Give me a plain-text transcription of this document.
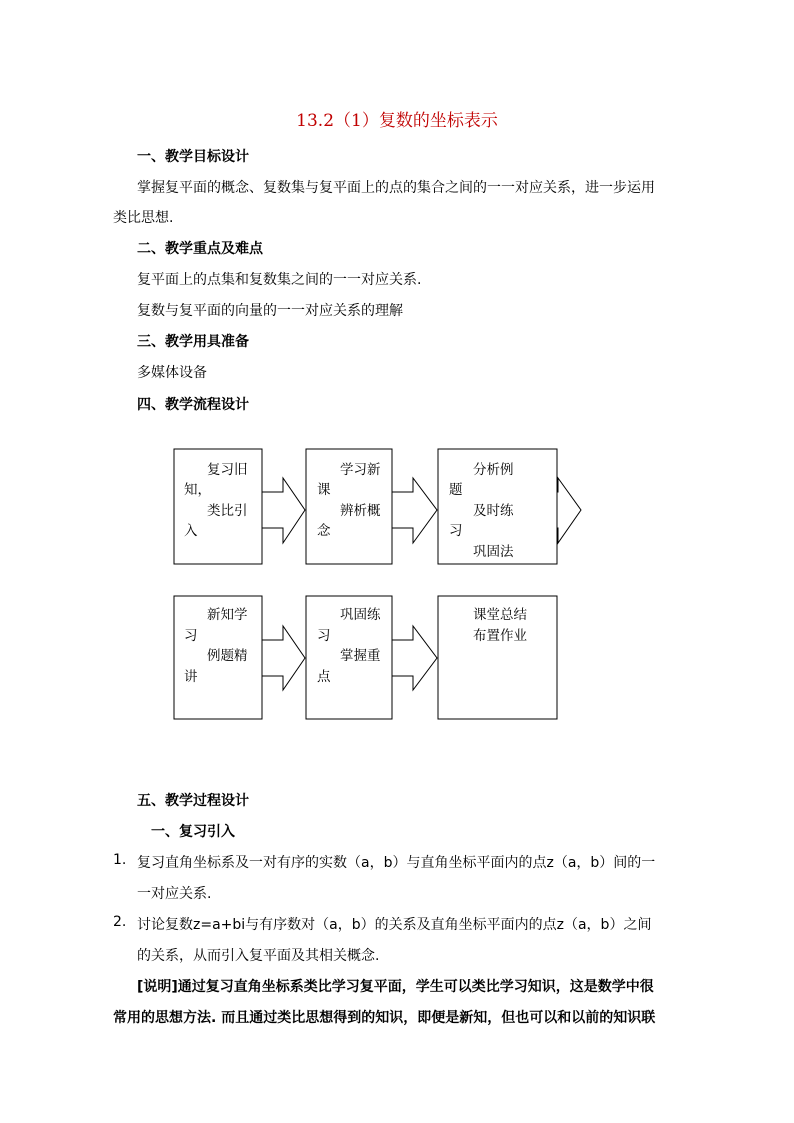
13.2（1）复数的坐标表示
一、教学目标设计
掌握复平面的概念、复数集与复平面上的点的集合之间的一一对应关系，进一步运用
类比思想.
二、教学重点及难点
复平面上的点集和复数集之间的一一对应关系.
复数与复平面的向量的一一对应关系的理解
三、教学用具准备
多媒体设备
四、教学流程设计
复习旧
知，
类比引
入
学习新
课
辨析概
念
分析例
题
及时练
习
巩固法
新知学
习
例题精
讲
巩固练
习
掌握重
点
课堂总结
布置作业
五、教学过程设计
一、复习引入
1. 复习直角坐标系及一对有序的实数（a，b）与直角坐标平面内的点z（a，b）间的一
一对应关系.
2. 讨论复数z=a+bi与有序数对（a，b）的关系及直角坐标平面内的点z（a，b）之间
的关系，从而引入复平面及其相关概念.
[说明]通过复习直角坐标系类比学习复平面，学生可以类比学习知识，这是数学中很
常用的思想方法. 而且通过类比思想得到的知识，即便是新知，但也可以和以前的知识联
